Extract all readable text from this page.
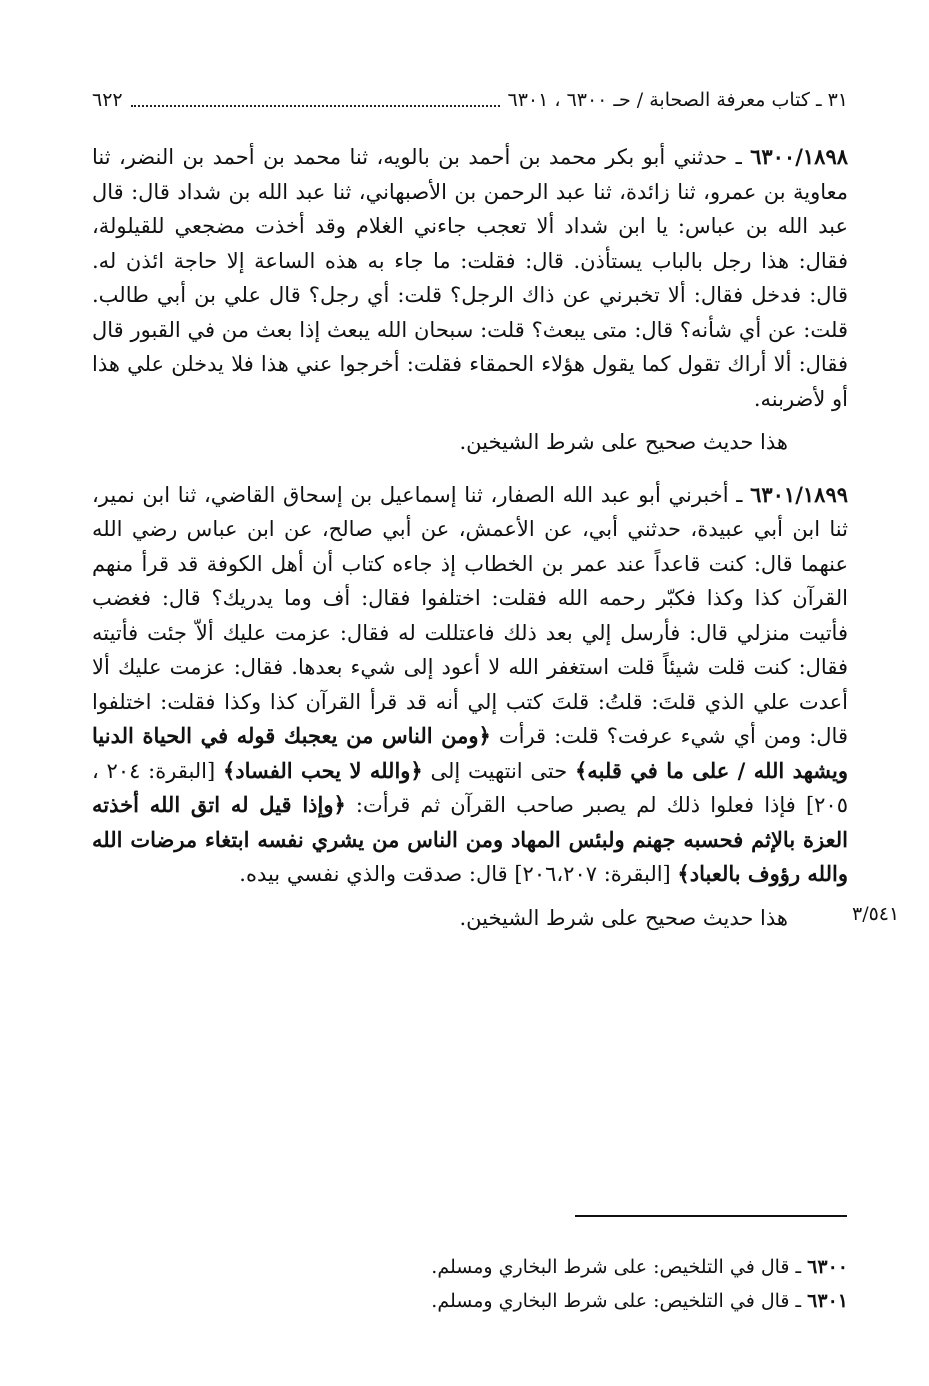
٣١ ـ كتاب معرفة الصحابة / حـ ٦٣٠٠ ، ٦٣٠١
٦٢٢

٦٣٠٠/١٨٩٨ ـ حدثني أبو بكر محمد بن أحمد بن بالويه، ثنا محمد بن أحمد بن النضر، ثنا معاوية بن عمرو، ثنا زائدة، ثنا عبد الرحمن بن الأصبهاني، ثنا عبد الله بن شداد قال: قال عبد الله بن عباس: يا ابن شداد ألا تعجب جاءني الغلام وقد أخذت مضجعي للقيلولة، فقال: هذا رجل بالباب يستأذن. قال: فقلت: ما جاء به هذه الساعة إلا حاجة ائذن له. قال: فدخل فقال: ألا تخبرني عن ذاك الرجل؟ قلت: أي رجل؟ قال علي بن أبي طالب. قلت: عن أي شأنه؟ قال: متى يبعث؟ قلت: سبحان الله يبعث إذا بعث من في القبور قال فقال: ألا أراك تقول كما يقول هؤلاء الحمقاء فقلت: أخرجوا عني هذا فلا يدخلن علي هذا أو لأضربنه.

هذا حديث صحيح على شرط الشيخين.

٦٣٠١/١٨٩٩ ـ أخبرني أبو عبد الله الصفار، ثنا إسماعيل بن إسحاق القاضي، ثنا ابن نمير، ثنا ابن أبي عبيدة، حدثني أبي، عن الأعمش، عن أبي صالح، عن ابن عباس رضي الله عنهما قال: كنت قاعداً عند عمر بن الخطاب إذ جاءه كتاب أن أهل الكوفة قد قرأ منهم القرآن كذا وكذا فكبّر رحمه الله فقلت: اختلفوا فقال: أف وما يدريك؟ قال: فغضب فأتيت منزلي قال: فأرسل إلي بعد ذلك فاعتللت له فقال: عزمت عليك ألاّ جئت فأتيته فقال: كنت قلت شيئاً قلت استغفر الله لا أعود إلى شيء بعدها. فقال: عزمت عليك ألا أعدت علي الذي قلتَ: قلتُ: قلتَ كتب إلي أنه قد قرأ القرآن كذا وكذا فقلت: اختلفوا قال: ومن أي شيء عرفت؟ قلت: قرأت ﴿ومن الناس من يعجبك قوله في الحياة الدنيا ويشهد الله / على ما في قلبه﴾ حتى انتهيت إلى ﴿والله لا يحب الفساد﴾ [البقرة: ٢٠٤ ، ٢٠٥] فإذا فعلوا ذلك لم يصبر صاحب القرآن ثم قرأت: ﴿وإذا قيل له اتق الله أخذته العزة بالإثم فحسبه جهنم ولبئس المهاد ومن الناس من يشري نفسه ابتغاء مرضات الله والله رؤوف بالعباد﴾ [البقرة: ٢٠٦،٢٠٧] قال: صدقت والذي نفسي بيده.

هذا حديث صحيح على شرط الشيخين.	٣/٥٤١
٦٣٠٠ ـ قال في التلخيص: على شرط البخاري ومسلم.
٦٣٠١ ـ قال في التلخيص: على شرط البخاري ومسلم.
